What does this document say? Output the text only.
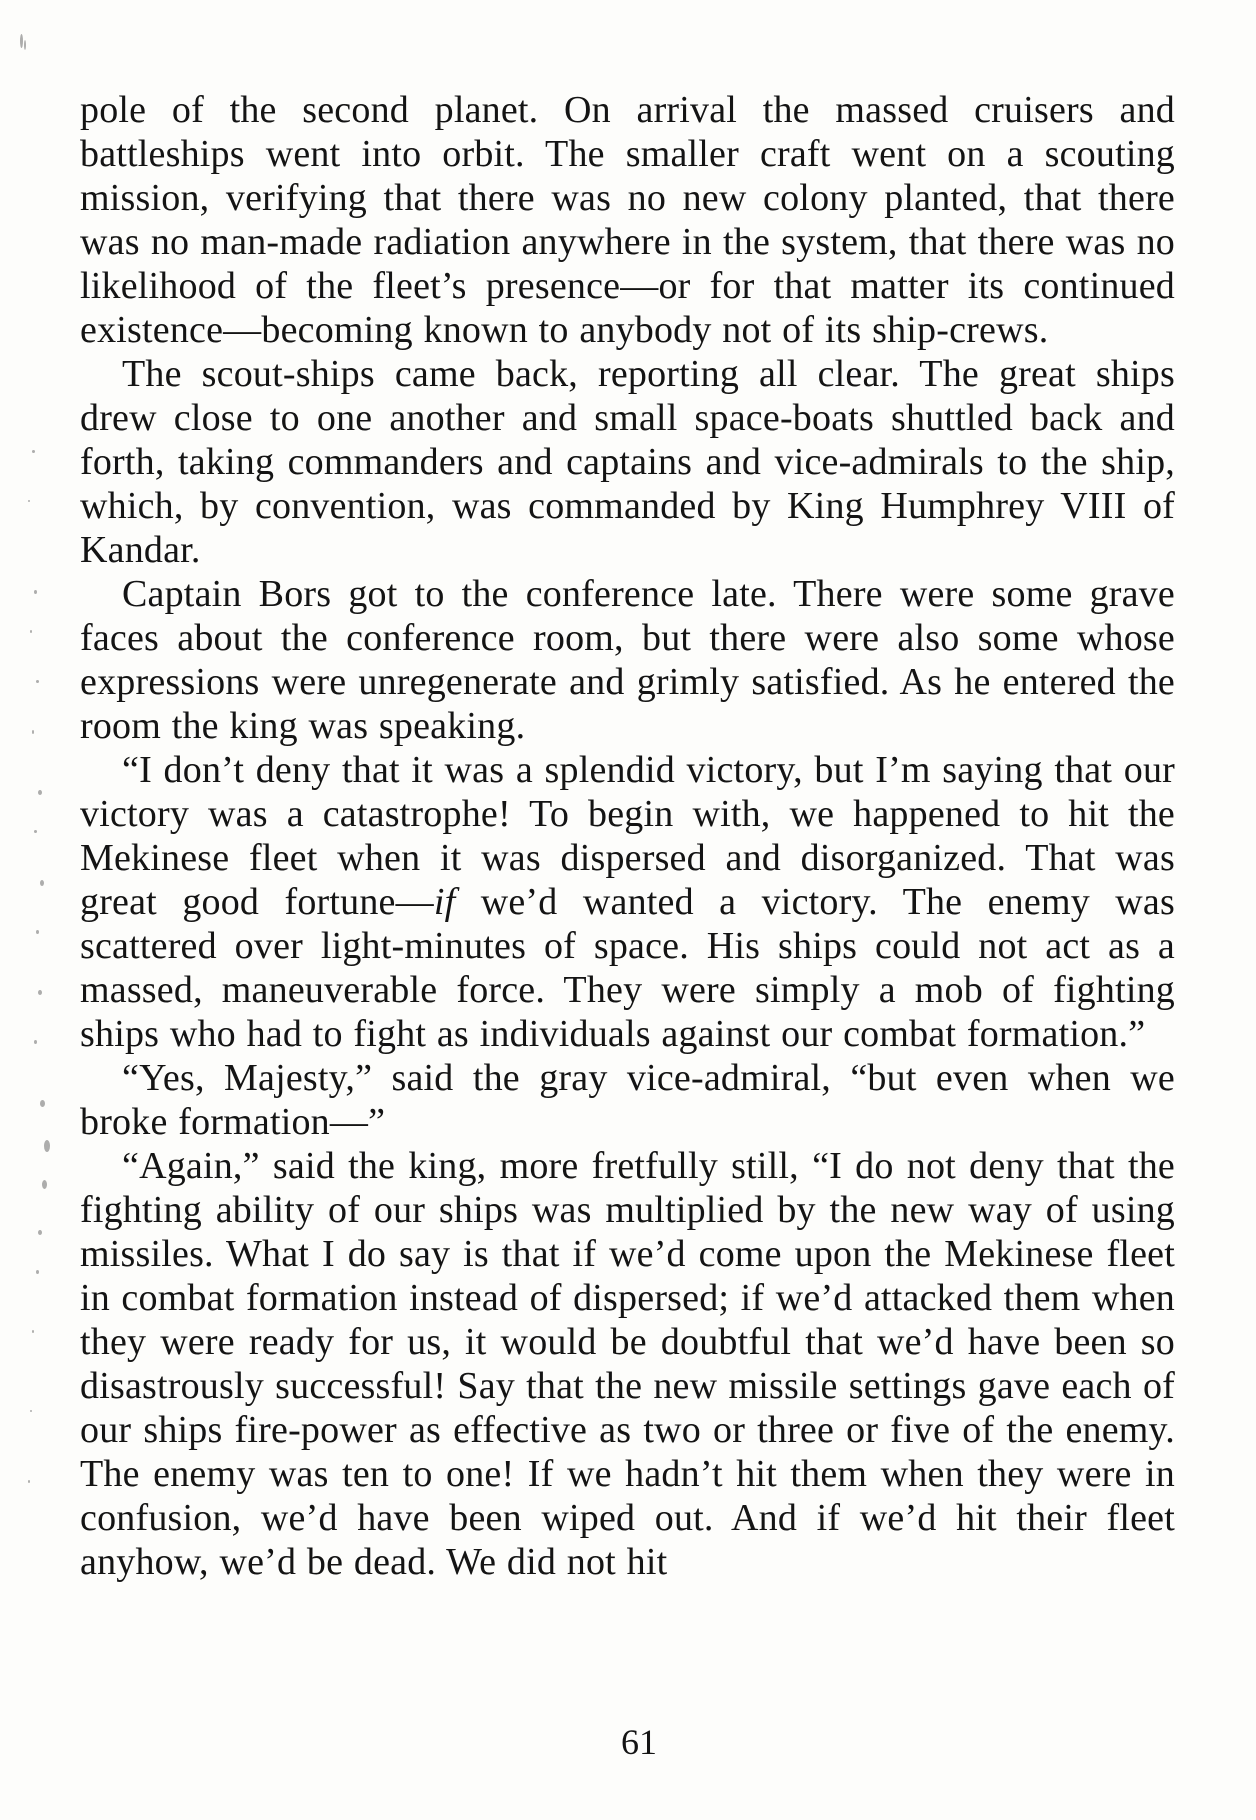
pole of the second planet. On arrival the massed cruisers and battleships went into orbit. The smaller craft went on a scouting mission, verifying that there was no new colony planted, that there was no man-made radiation anywhere in the system, that there was no likelihood of the fleet’s presence—or for that matter its continued existence—becoming known to anybody not of its ship-crews.

The scout-ships came back, reporting all clear. The great ships drew close to one another and small space-boats shuttled back and forth, taking commanders and captains and vice-admirals to the ship, which, by convention, was commanded by King Humphrey VIII of Kandar.

Captain Bors got to the conference late. There were some grave faces about the conference room, but there were also some whose expressions were unregenerate and grimly satisfied. As he entered the room the king was speaking.

“I don’t deny that it was a splendid victory, but I’m saying that our victory was a catastrophe! To begin with, we happened to hit the Mekinese fleet when it was dispersed and disorganized. That was great good fortune—if we’d wanted a victory. The enemy was scattered over light-minutes of space. His ships could not act as a massed, maneuverable force. They were simply a mob of fighting ships who had to fight as individuals against our combat formation.”

“Yes, Majesty,” said the gray vice-admiral, “but even when we broke formation—”

“Again,” said the king, more fretfully still, “I do not deny that the fighting ability of our ships was multiplied by the new way of using missiles. What I do say is that if we’d come upon the Mekinese fleet in combat formation instead of dispersed; if we’d attacked them when they were ready for us, it would be doubtful that we’d have been so disastrously successful! Say that the new missile settings gave each of our ships fire-power as effective as two or three or five of the enemy. The enemy was ten to one! If we hadn’t hit them when they were in confusion, we’d have been wiped out. And if we’d hit their fleet anyhow, we’d be dead. We did not hit

61
